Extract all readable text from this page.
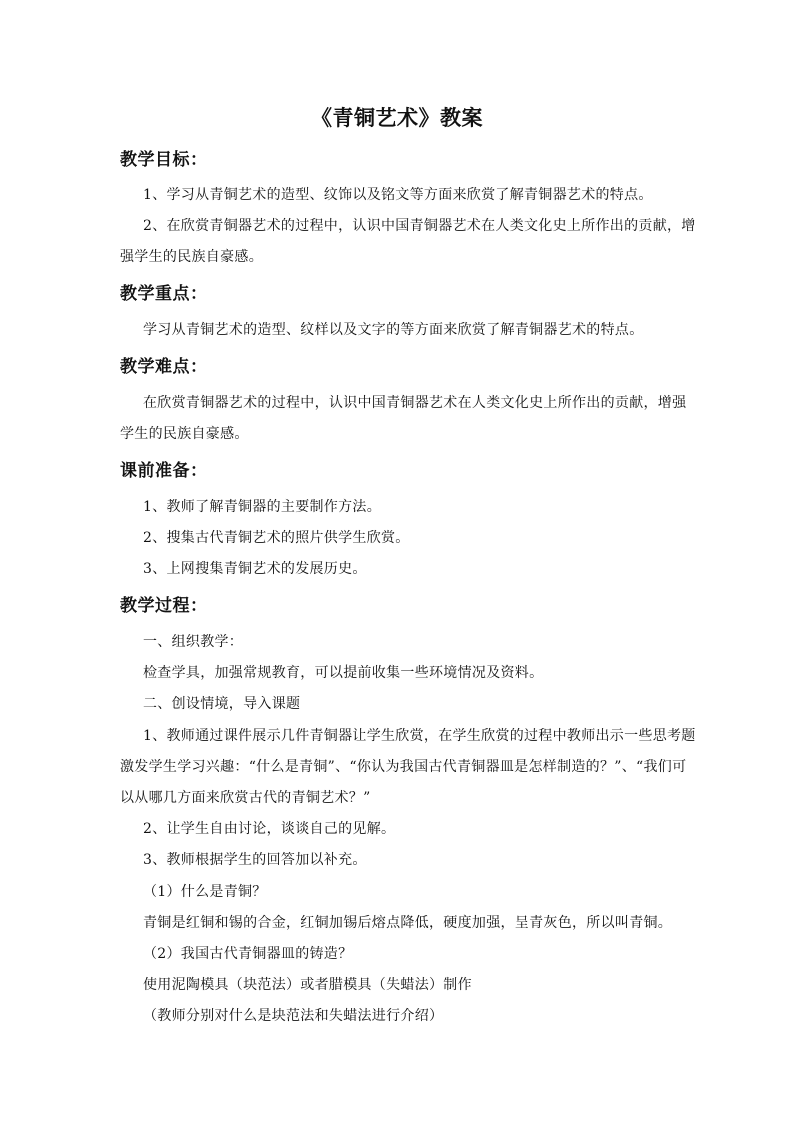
《青铜艺术》教案
教学目标：
1、学习从青铜艺术的造型、纹饰以及铭文等方面来欣赏了解青铜器艺术的特点。
2、在欣赏青铜器艺术的过程中，认识中国青铜器艺术在人类文化史上所作出的贡献，增
强学生的民族自豪感。
教学重点：
学习从青铜艺术的造型、纹样以及文字的等方面来欣赏了解青铜器艺术的特点。
教学难点：
在欣赏青铜器艺术的过程中，认识中国青铜器艺术在人类文化史上所作出的贡献，增强
学生的民族自豪感。
课前准备：
1、教师了解青铜器的主要制作方法。
2、搜集古代青铜艺术的照片供学生欣赏。
3、上网搜集青铜艺术的发展历史。
教学过程：
一、组织教学：
检查学具，加强常规教育，可以提前收集一些环境情况及资料。
二、创设情境，导入课题
1、教师通过课件展示几件青铜器让学生欣赏，在学生欣赏的过程中教师出示一些思考题
激发学生学习兴趣：“什么是青铜”、“你认为我国古代青铜器皿是怎样制造的？”、“我们可
以从哪几方面来欣赏古代的青铜艺术？”
2、让学生自由讨论，谈谈自己的见解。
3、教师根据学生的回答加以补充。
（1）什么是青铜？
青铜是红铜和锡的合金，红铜加锡后熔点降低，硬度加强，呈青灰色，所以叫青铜。
（2）我国古代青铜器皿的铸造？
使用泥陶模具（块范法）或者腊模具（失蜡法）制作
（教师分别对什么是块范法和失蜡法进行介绍）
